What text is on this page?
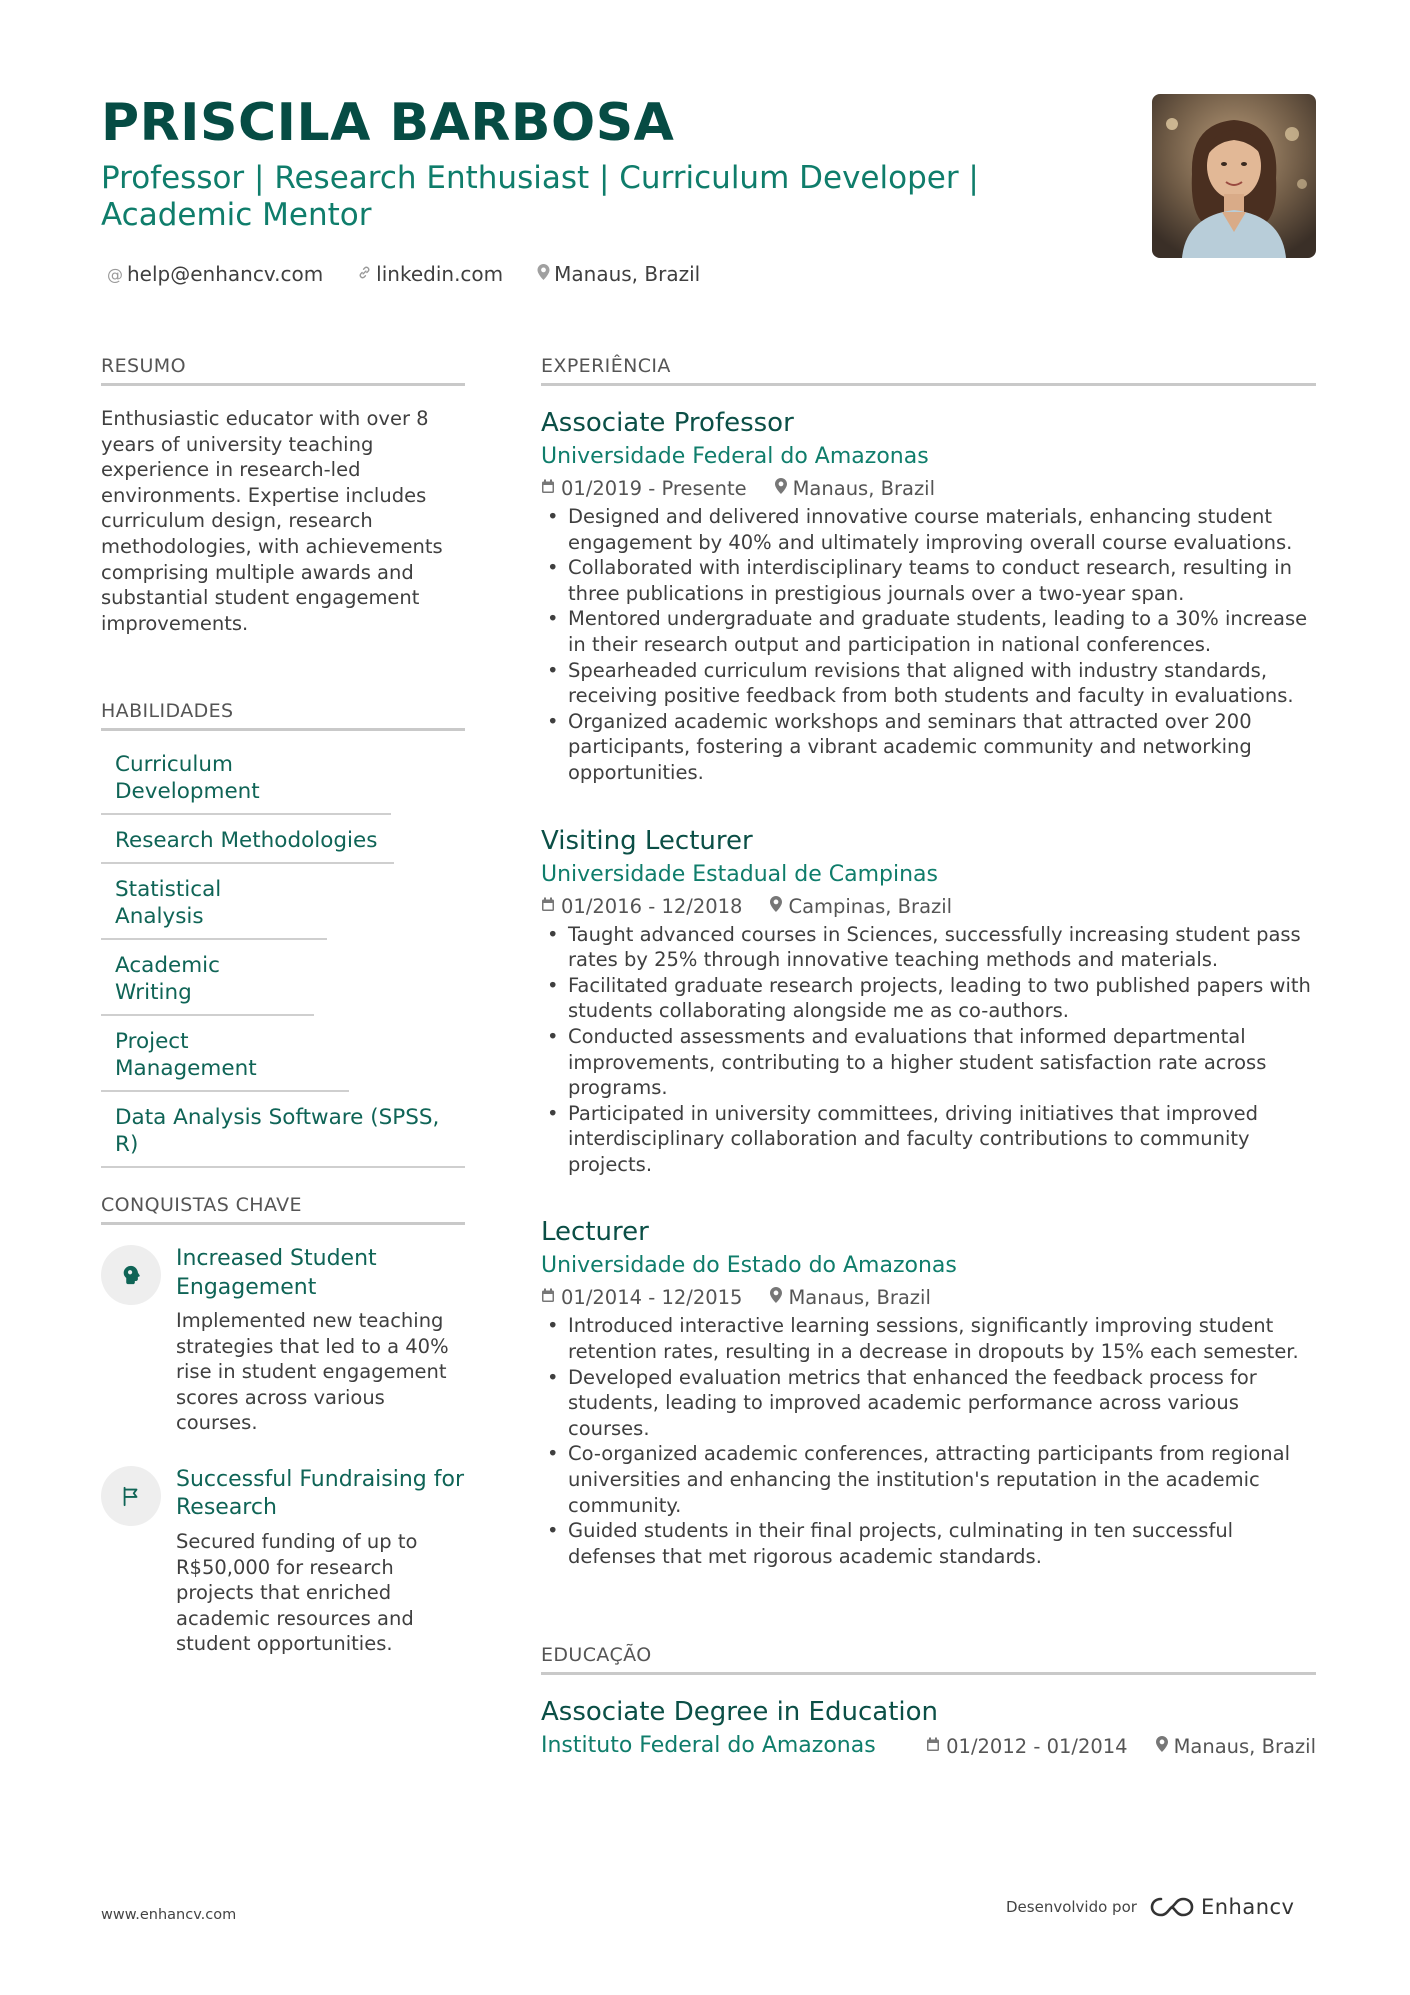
PRISCILA BARBOSA
Professor | Research Enthusiast | Curriculum Developer | Academic Mentor
@ help@enhancv.com	linkedin.com	Manaus, Brazil
RESUMO
Enthusiastic educator with over 8 years of university teaching experience in research-led environments. Expertise includes curriculum design, research methodologies, with achievements comprising multiple awards and substantial student engagement improvements.
HABILIDADES
Curriculum Development
Research Methodologies
Statistical Analysis
Academic Writing
Project Management
Data Analysis Software (SPSS, R)
CONQUISTAS CHAVE
Increased Student Engagement
Implemented new teaching strategies that led to a 40% rise in student engagement scores across various courses.
Successful Fundraising for Research
Secured funding of up to R$50,000 for research projects that enriched academic resources and student opportunities.
EXPERIÊNCIA
Associate Professor
Universidade Federal do Amazonas
01/2019 - Presente Manaus, Brazil
• Designed and delivered innovative course materials, enhancing student engagement by 40% and ultimately improving overall course evaluations.
• Collaborated with interdisciplinary teams to conduct research, resulting in three publications in prestigious journals over a two-year span.
• Mentored undergraduate and graduate students, leading to a 30% increase in their research output and participation in national conferences.
• Spearheaded curriculum revisions that aligned with industry standards, receiving positive feedback from both students and faculty in evaluations.
• Organized academic workshops and seminars that attracted over 200 participants, fostering a vibrant academic community and networking opportunities.
Visiting Lecturer
Universidade Estadual de Campinas
01/2016 - 12/2018 Campinas, Brazil
• Taught advanced courses in Sciences, successfully increasing student pass rates by 25% through innovative teaching methods and materials.
• Facilitated graduate research projects, leading to two published papers with students collaborating alongside me as co-authors.
• Conducted assessments and evaluations that informed departmental improvements, contributing to a higher student satisfaction rate across programs.
• Participated in university committees, driving initiatives that improved interdisciplinary collaboration and faculty contributions to community projects.
Lecturer
Universidade do Estado do Amazonas
01/2014 - 12/2015 Manaus, Brazil
• Introduced interactive learning sessions, significantly improving student retention rates, resulting in a decrease in dropouts by 15% each semester.
• Developed evaluation metrics that enhanced the feedback process for students, leading to improved academic performance across various courses.
• Co-organized academic conferences, attracting participants from regional universities and enhancing the institution's reputation in the academic community.
• Guided students in their final projects, culminating in ten successful defenses that met rigorous academic standards.
EDUCAÇÃO
Associate Degree in Education
Instituto Federal do Amazonas	01/2012 - 01/2014 Manaus, Brazil
www.enhancv.com	Desenvolvido por	Enhancv
